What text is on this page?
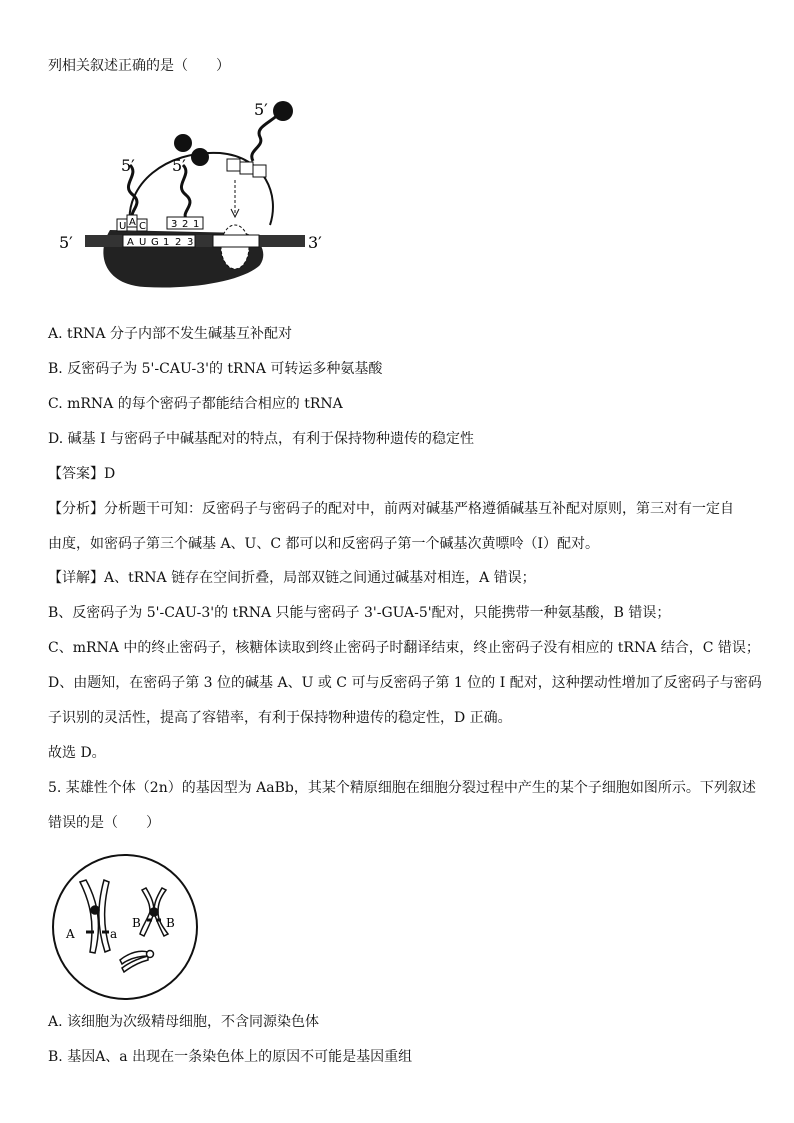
列相关叙述正确的是（　　）
A U G 1 2 3
5′	3′
U A C
5′
3 2 1
5′
5′
A. tRNA 分子内部不发生碱基互补配对
B. 反密码子为 5'-CAU-3'的 tRNA 可转运多种氨基酸
C. mRNA 的每个密码子都能结合相应的 tRNA
D. 碱基 I 与密码子中碱基配对的特点，有利于保持物种遗传的稳定性
【答案】D
【分析】分析题干可知：反密码子与密码子的配对中，前两对碱基严格遵循碱基互补配对原则，第三对有一定自
由度，如密码子第三个碱基 A、U、C 都可以和反密码子第一个碱基次黄嘌呤（I）配对。
【详解】A、tRNA 链存在空间折叠，局部双链之间通过碱基对相连，A 错误；
B、反密码子为 5'-CAU-3'的 tRNA 只能与密码子 3'-GUA-5'配对，只能携带一种氨基酸，B 错误；
C、mRNA 中的终止密码子，核糖体读取到终止密码子时翻译结束，终止密码子没有相应的 tRNA 结合，C 错误；
D、由题知，在密码子第 3 位的碱基 A、U 或 C 可与反密码子第 1 位的 I 配对，这种摆动性增加了反密码子与密码
子识别的灵活性，提高了容错率，有利于保持物种遗传的稳定性，D 正确。
故选 D。
5. 某雄性个体（2n）的基因型为 AaBb，其某个精原细胞在细胞分裂过程中产生的某个子细胞如图所示。下列叙述
错误的是（　　）
A	a
B B
A. 该细胞为次级精母细胞，不含同源染色体
B. 基因A、a 出现在一条染色体上的原因不可能是基因重组
